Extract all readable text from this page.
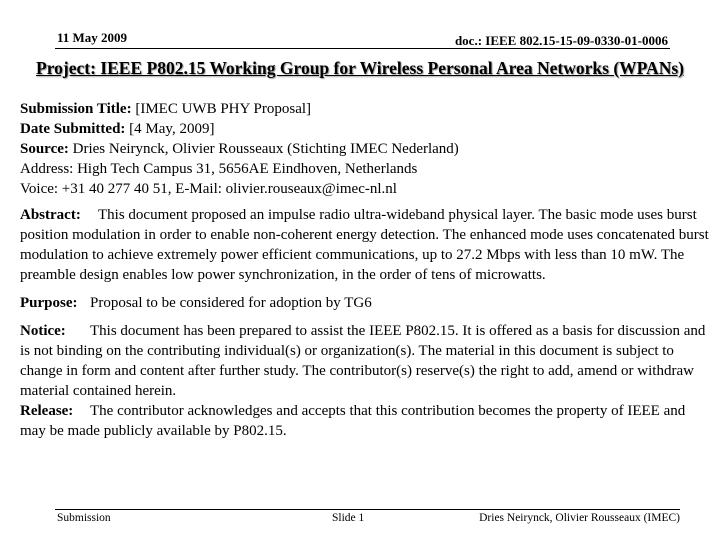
11 May 2009	doc.: IEEE 802.15-15-09-0330-01-0006
Project: IEEE P802.15 Working Group for Wireless Personal Area Networks (WPANs)

Submission Title: [IMEC UWB PHY Proposal]

Date Submitted: [4 May, 2009]

Source: Dries Neirynck, Olivier Rousseaux (Stichting IMEC Nederland)

Address: High Tech Campus 31, 5656AE Eindhoven, Netherlands

Voice: +31 40 277 40 51, E-Mail: olivier.rouseaux@imec-nl.nl

Abstract: This document proposed an impulse radio ultra-wideband physical layer. The basic mode uses burst position modulation in order to enable non-coherent energy detection. The enhanced mode uses concatenated burst modulation to achieve extremely power efficient communications, up to 27.2 Mbps with less than 10 mW. The preamble design enables low power synchronization, in the order of tens of microwatts.

Purpose: Proposal to be considered for adoption by TG6

Notice: This document has been prepared to assist the IEEE P802.15. It is offered as a basis for discussion and is not binding on the contributing individual(s) or organization(s). The material in this document is subject to change in form and content after further study. The contributor(s) reserve(s) the right to add, amend or withdraw material contained herein.

Release: The contributor acknowledges and accepts that this contribution becomes the property of IEEE and may be made publicly available by P802.15.

Submission	Slide 1	Dries Neirynck, Olivier Rousseaux (IMEC)
